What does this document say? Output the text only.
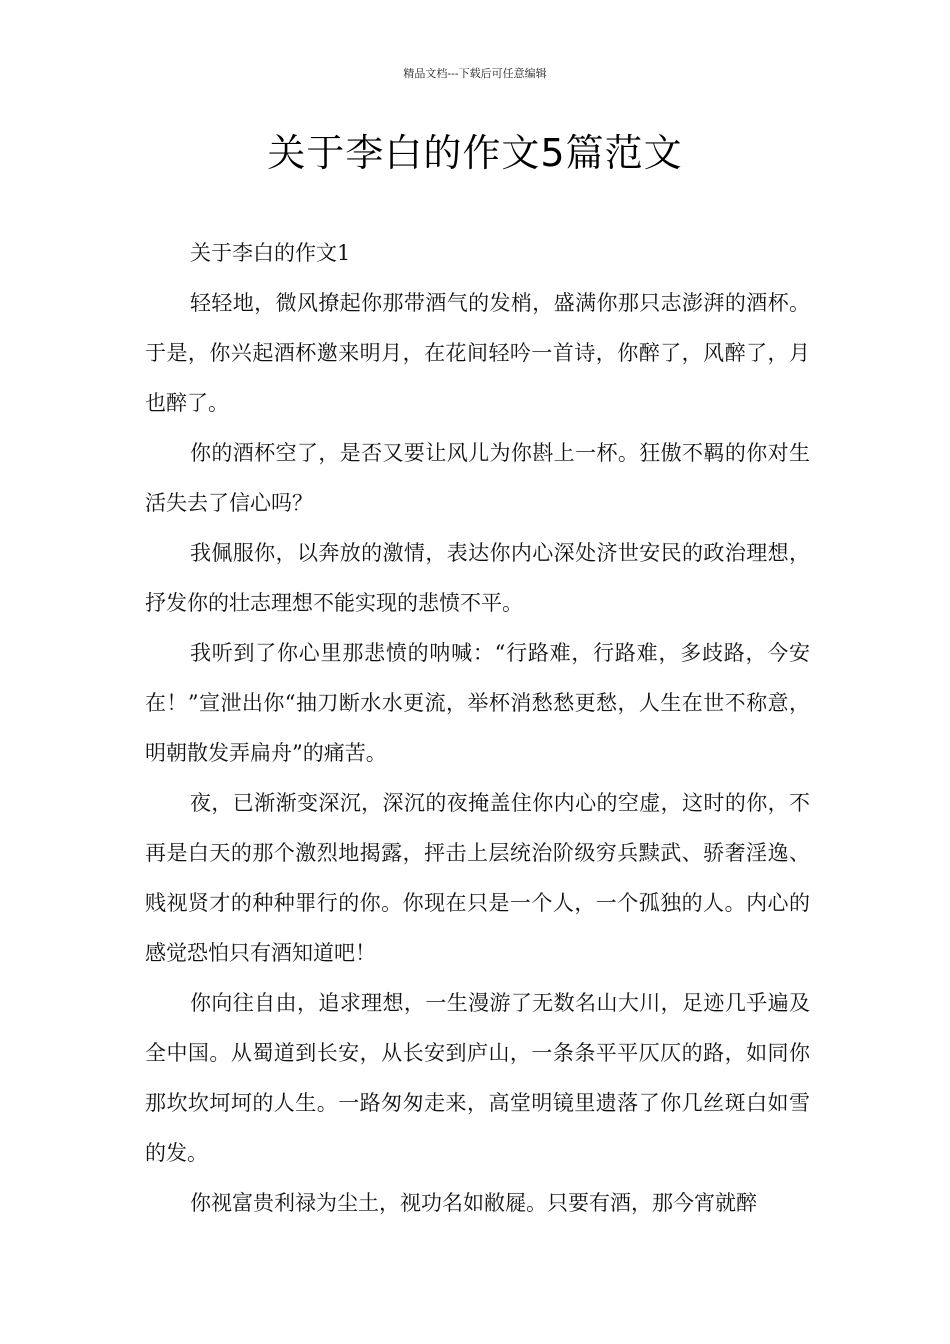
精品文档---下载后可任意编辑
关于李白的作文5篇范文

关于李白的作文1

轻轻地，微风撩起你那带酒气的发梢，盛满你那只志澎湃的酒杯。于是，你兴起酒杯邀来明月，在花间轻吟一首诗，你醉了，风醉了，月也醉了。

你的酒杯空了，是否又要让风儿为你斟上一杯。狂傲不羁的你对生活失去了信心吗？

我佩服你，以奔放的激情，表达你内心深处济世安民的政治理想，抒发你的壮志理想不能实现的悲愤不平。

我听到了你心里那悲愤的呐喊：“行路难，行路难，多歧路，今安在！”宣泄出你“抽刀断水水更流，举杯消愁愁更愁，人生在世不称意，明朝散发弄扁舟”的痛苦。

夜，已渐渐变深沉，深沉的夜掩盖住你内心的空虚，这时的你，不再是白天的那个激烈地揭露，抨击上层统治阶级穷兵黩武、骄奢淫逸、贱视贤才的种种罪行的你。你现在只是一个人，一个孤独的人。内心的感觉恐怕只有酒知道吧！

你向往自由，追求理想，一生漫游了无数名山大川，足迹几乎遍及全中国。从蜀道到长安，从长安到庐山，一条条平平仄仄的路，如同你那坎坎坷坷的人生。一路匆匆走来，高堂明镜里遗落了你几丝斑白如雪的发。

你视富贵利禄为尘土，视功名如敝屣。只要有酒，那今宵就醉
